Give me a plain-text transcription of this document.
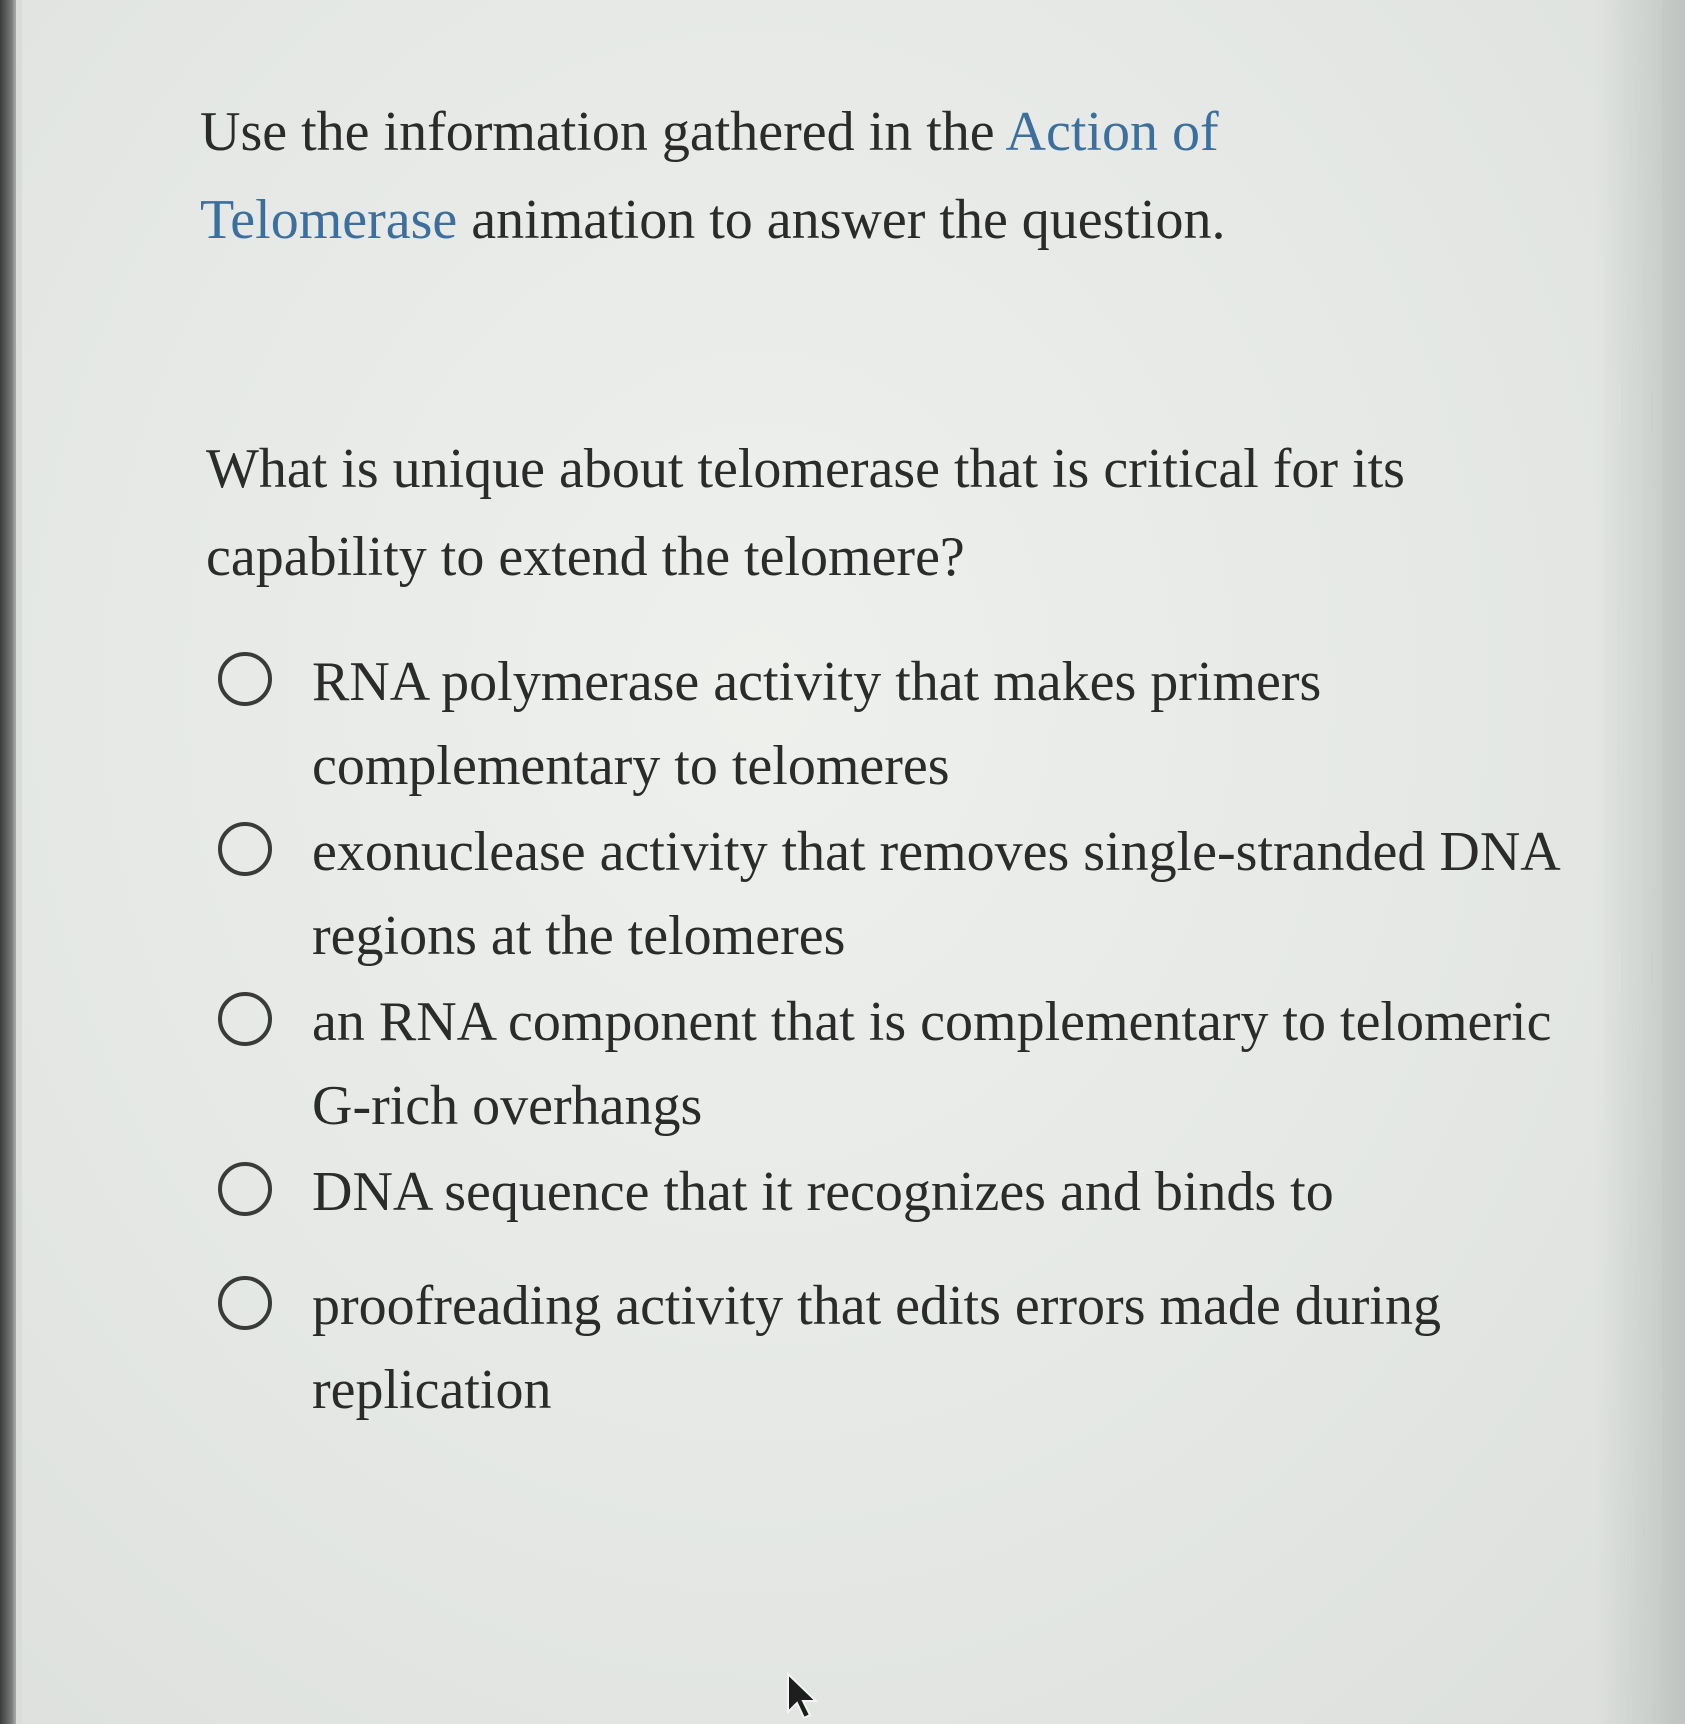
Use the information gathered in the Action of Telomerase animation to answer the question.

What is unique about telomerase that is critical for its capability to extend the telomere?

RNA polymerase activity that makes primers complementary to telomeres
exonuclease activity that removes single-stranded DNA regions at the telomeres
an RNA component that is complementary to telomeric G-rich overhangs
DNA sequence that it recognizes and binds to
proofreading activity that edits errors made during replication
